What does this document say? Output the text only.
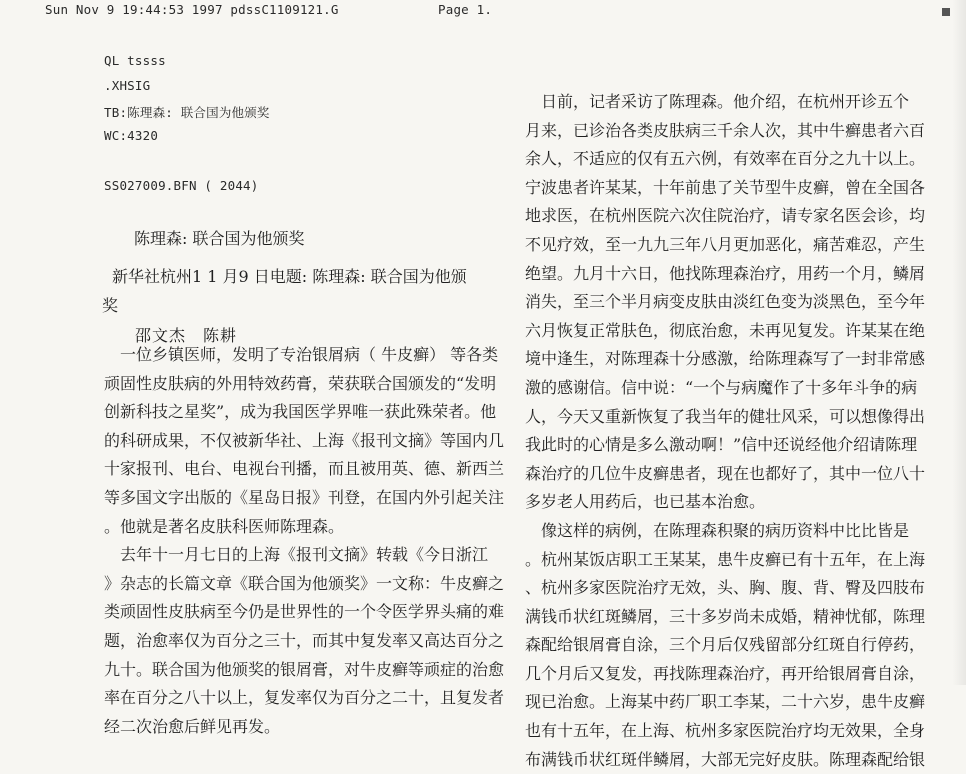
Sun Nov 9 19:44:53 1997 pdssC1109121.G	Page 1.
QL tssss
.XHSIG
TB:陈理森: 联合国为他颁奖
WC:4320
SS027009.BFN ( 2044)
陈理森: 联合国为他颁奖
新华社杭州1 1 月9 日电题: 陈理森: 联合国为他颁
奖
邵文杰　陈耕
　一位乡镇医师，发明了专治银屑病（ 牛皮癣） 等各类
顽固性皮肤病的外用特效药膏，荣获联合国颁发的“发明
创新科技之星奖”，成为我国医学界唯一获此殊荣者。他
的科研成果，不仅被新华社、上海《报刊文摘》等国内几
十家报刊、电台、电视台刊播，而且被用英、德、新西兰
等多国文字出版的《星岛日报》刊登，在国内外引起关注
。他就是著名皮肤科医师陈理森。
　去年十一月七日的上海《报刊文摘》转载《今日浙江
》杂志的长篇文章《联合国为他颁奖》一文称：牛皮癣之
类顽固性皮肤病至今仍是世界性的一个令医学界头痛的难
题，治愈率仅为百分之三十，而其中复发率又高达百分之
九十。联合国为他颁奖的银屑膏，对牛皮癣等顽症的治愈
率在百分之八十以上，复发率仅为百分之二十，且复发者
经二次治愈后鲜见再发。
　日前，记者采访了陈理森。他介绍，在杭州开诊五个
月来，已诊治各类皮肤病三千余人次，其中牛癣患者六百
余人，不适应的仅有五六例，有效率在百分之九十以上。
宁波患者许某某，十年前患了关节型牛皮癣，曾在全国各
地求医，在杭州医院六次住院治疗，请专家名医会诊，均
不见疗效，至一九九三年八月更加恶化，痛苦难忍，产生
绝望。九月十六日，他找陈理森治疗，用药一个月，鳞屑
消失，至三个半月病变皮肤由淡红色变为淡黑色，至今年
六月恢复正常肤色，彻底治愈，未再见复发。许某某在绝
境中逢生，对陈理森十分感激，给陈理森写了一封非常感
激的感谢信。信中说：“一个与病魔作了十多年斗争的病
人，今天又重新恢复了我当年的健壮风采，可以想像得出
我此时的心情是多么激动啊！”信中还说经他介绍请陈理
森治疗的几位牛皮癣患者，现在也都好了，其中一位八十
多岁老人用药后，也已基本治愈。
　像这样的病例，在陈理森积聚的病历资料中比比皆是
。杭州某饭店职工王某某，患牛皮癣已有十五年，在上海
、杭州多家医院治疗无效，头、胸、腹、背、臀及四肢布
满钱币状红斑鳞屑，三十多岁尚未成婚，精神忧郁，陈理
森配给银屑膏自涂，三个月后仅残留部分红斑自行停药，
几个月后又复发，再找陈理森治疗，再开给银屑膏自涂，
现已治愈。上海某中药厂职工李某，二十六岁，患牛皮癣
也有十五年，在上海、杭州多家医院治疗均无效果，全身
布满钱币状红斑伴鳞屑，大部无完好皮肤。陈理森配给银
